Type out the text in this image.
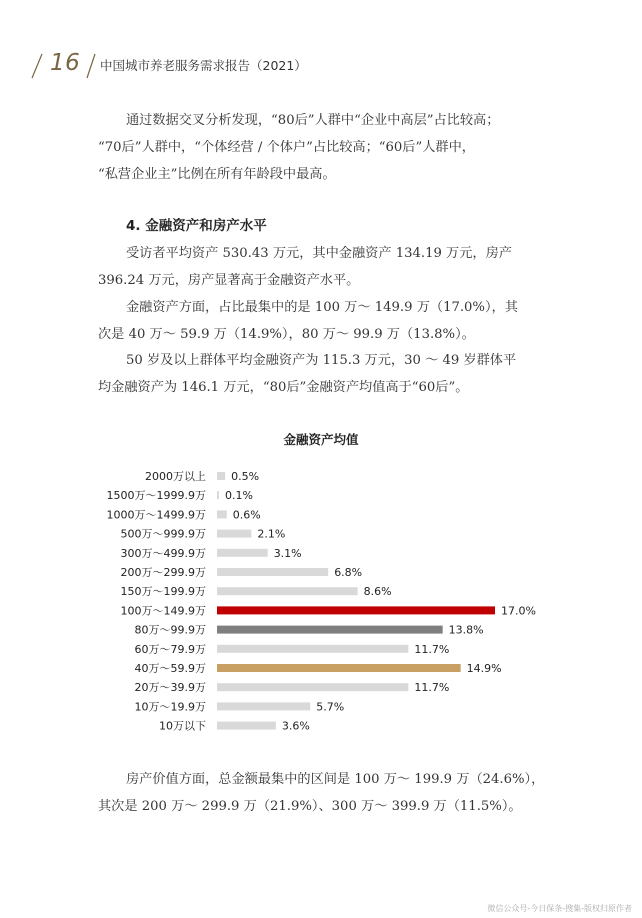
16 中国城市养老服务需求报告（2021）

通过数据交叉分析发现，“80后”人群中“企业中高层”占比较高；
“70后”人群中，“个体经营 / 个体户”占比较高；“60后”人群中，
“私营企业主”比例在所有年龄段中最高。

4. 金融资产和房产水平

受访者平均资产 530.43 万元，其中金融资产 134.19 万元，房产
396.24 万元，房产显著高于金融资产水平。

金融资产方面，占比最集中的是 100 万～ 149.9 万（17.0%），其
次是 40 万～ 59.9 万（14.9%），80 万～ 99.9 万（13.8%）。

50 岁及以上群体平均金融资产为 115.3 万元，30 ～ 49 岁群体平
均金融资产为 146.1 万元，“80后”金融资产均值高于“60后”。

金融资产均值
2000万以上 0.5%
1500万～1999.9万 0.1%
1000万～1499.9万 0.6%
500万～999.9万	2.1%
300万～499.9万	3.1%
200万～299.9万	6.8%
150万～199.9万	8.6%
100万～149.9万	17.0%
80万～99.9万	13.8%
60万～79.9万	11.7%
40万～59.9万	14.9%
20万～39.9万	11.7%
10万～19.9万	5.7%
10万以下	3.6%

房产价值方面，总金额最集中的区间是 100 万～ 199.9 万（24.6%），
其次是 200 万～ 299.9 万（21.9%）、300 万～ 399.9 万（11.5%）。

微信公众号-今日保条-搜集-版权归原作者
